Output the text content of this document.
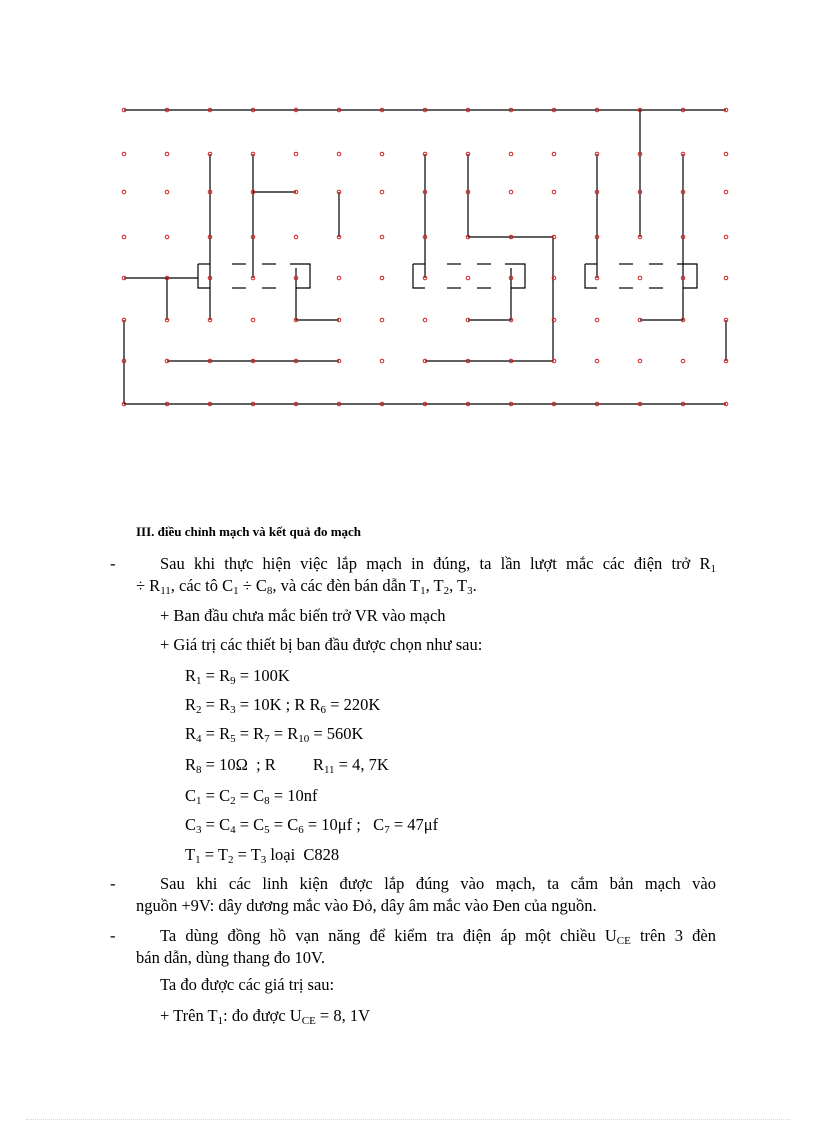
III. điều chỉnh mạch và kết quả đo mạch
-	Sau khi thực hiện việc lắp mạch in đúng, ta lần lượt mắc các điện trở $R_1$
÷ $R_{11}$, các tô $C_1 \div C_8$, và các đèn bán dẫn $T_1$, $T_2$, $T_3$.
+ Ban đầu chưa mắc biến trở VR vào mạch
+ Giá trị các thiết bị ban đầu được chọn như sau:
$R_1 = R_9 = 100K$
$R_2 = R_3 = 10K$ ; R $R_6 = 220K$
$R_4 = R_5 = R_7 = R_{10} = 560K$
$R_8 = 10\Omega$  ; R         $R_{11} = 4$, 7K
$C_1 = C_2 = C_8 = 10nf$
$C_3 = C_4 = C_5 = C_6 = 10\mu f$ ;   $C_7 = 47\mu f$
$T_1 = T_2 = T_3$ loại  C828
-	Sau khi các linh kiện được lắp đúng vào mạch, ta cắm bản mạch vào
nguồn +9V: dây dương mắc vào Đỏ, dây âm mắc vào Đen của nguồn.
-	Ta dùng đồng hồ vạn năng để kiểm tra điện áp một chiều $U_{CE}$ trên 3 đèn
bán dẫn, dùng thang đo 10V.
Ta đo được các giá trị sau:
+ Trên $T_1$: đo được $U_{CE} = 8$, 1V
